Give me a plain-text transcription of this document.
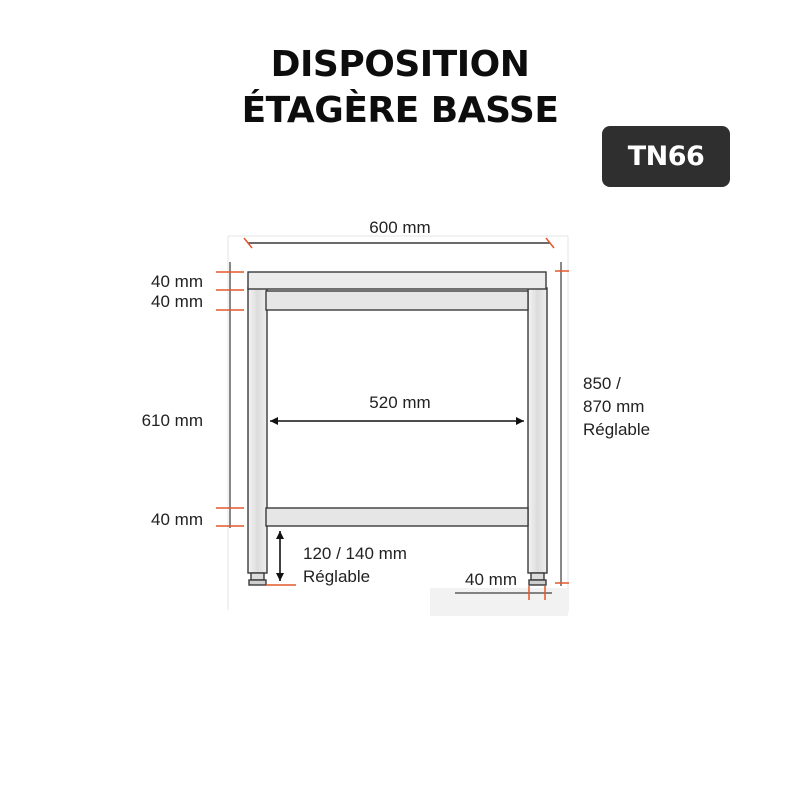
DISPOSITION
ÉTAGÈRE BASSE
TN66
600 mm
40 mm
40 mm
610 mm
40 mm
520 mm
850 /
870 mm
Réglable
120 / 140 mm
Réglable	40 mm
